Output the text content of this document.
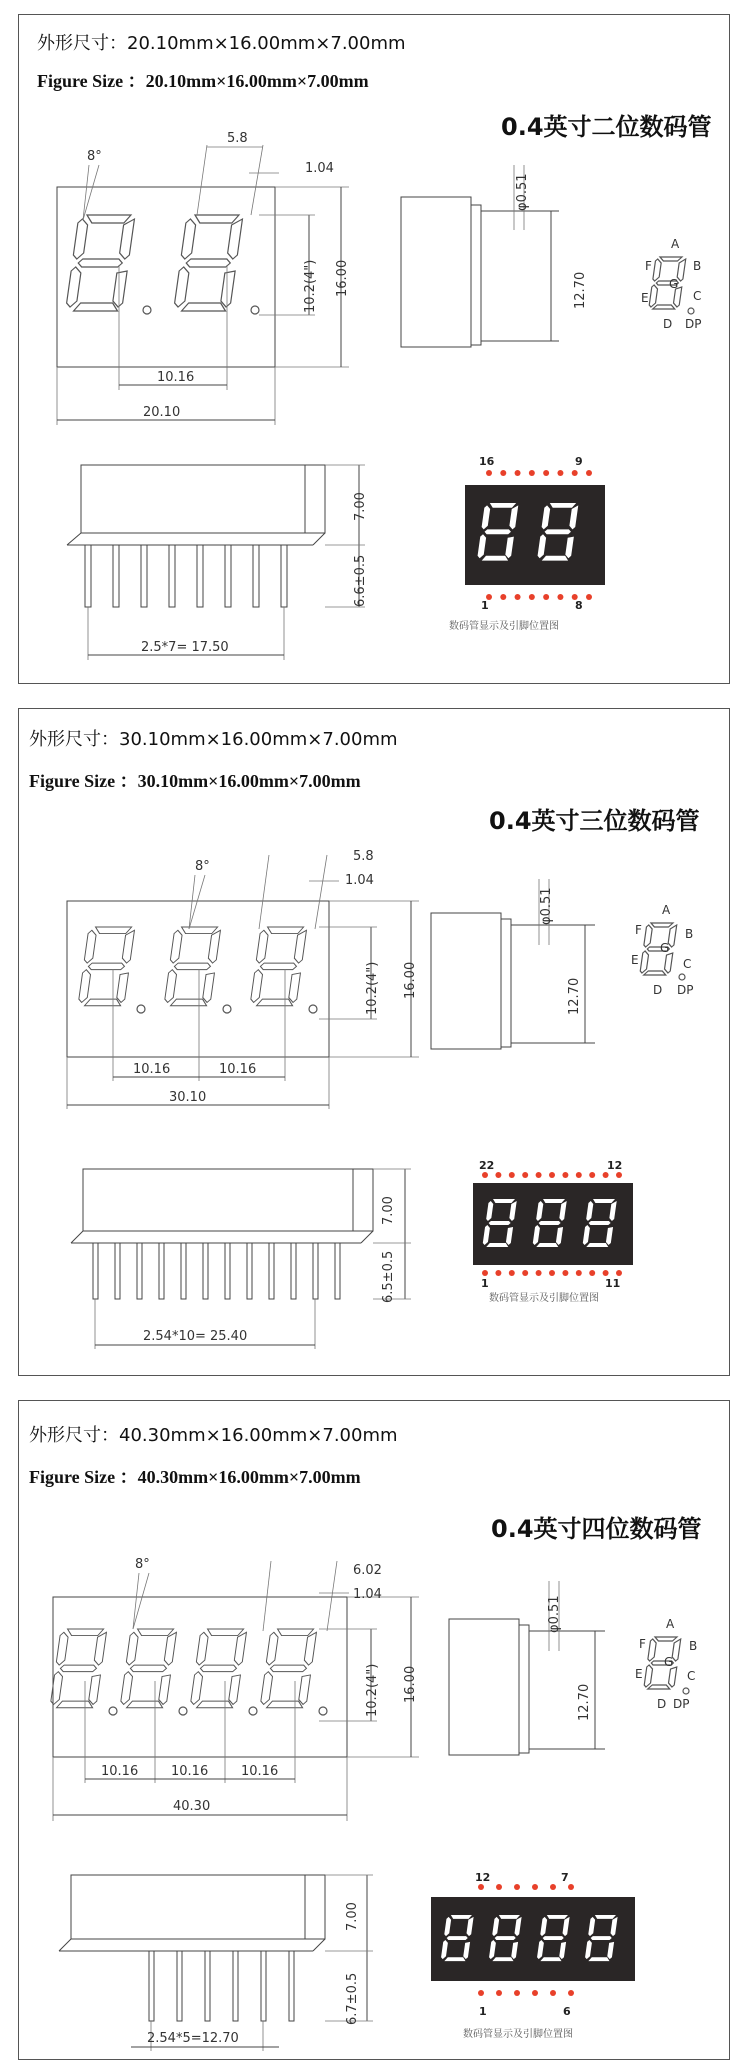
外形尺寸：20.10mm×16.00mm×7.00mm
Figure Size ：20.10mm×16.00mm×7.00mm
0.4英寸二位数码管
8°
5.8
1.04
10.2(4") 16.00
10.16
20.10
φ0.51
12.70
7.00
6.6±0.5
2.5*7= 17.50
A
B
C
D
E
F
G
DP
16	9
1	8
数码管显示及引脚位置图
外形尺寸：30.10mm×16.00mm×7.00mm
Figure Size ：30.10mm×16.00mm×7.00mm
0.4英寸三位数码管
8°
5.8
1.04
10.2(4") 16.00
10.16	10.16
30.10
φ0.51
12.70
7.00
6.5±0.5
2.54*10= 25.40
A
B
C
D
E
F
G
DP
22	12
1	11
数码管显示及引脚位置图
外形尺寸：40.30mm×16.00mm×7.00mm
Figure Size ：40.30mm×16.00mm×7.00mm
0.4英寸四位数码管
8°	6.02
1.04
10.2(4") 16.00
10.16	10.16	10.16
40.30
φ0.51
12.70
7.00
6.7±0.5
2.54*5=12.70
A
B
C
D
E
F
G
DP
12	7
1	6
数码管显示及引脚位置图
